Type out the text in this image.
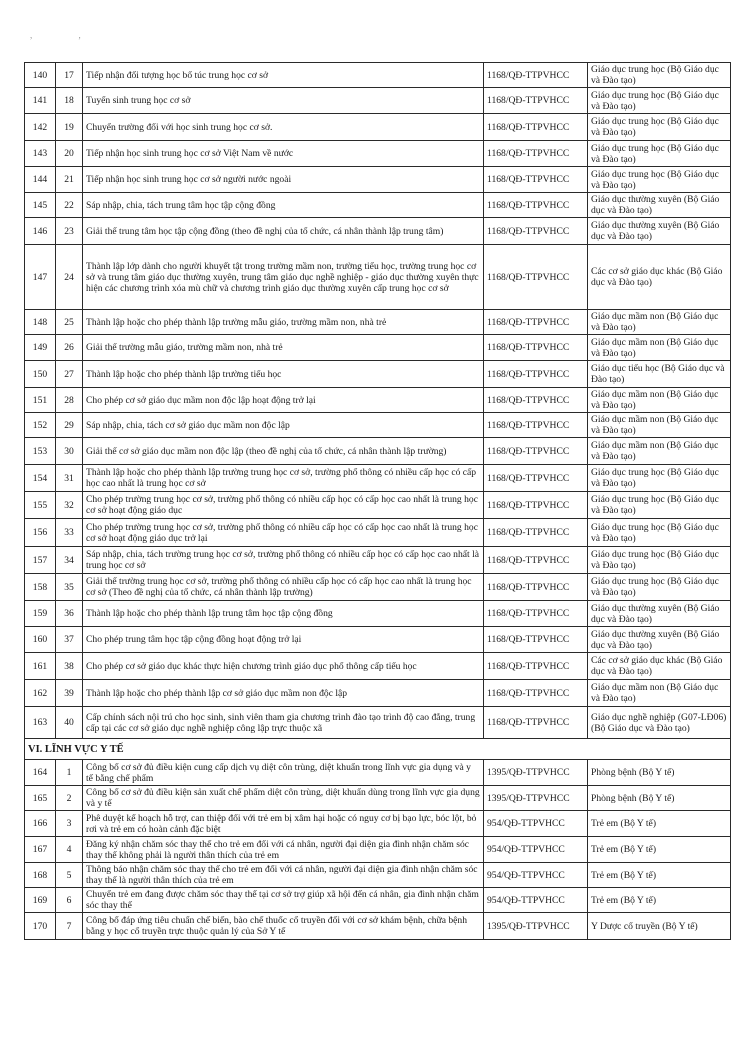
, ,
140	17	Tiếp nhận đối tượng học bổ túc trung học cơ sở	1168/QĐ-TTPVHCC	Giáo dục trung học (Bộ Giáo dục và Đào tạo)
141	18	Tuyển sinh trung học cơ sở	1168/QĐ-TTPVHCC	Giáo dục trung học (Bộ Giáo dục và Đào tạo)
142	19	Chuyển trường đối với học sinh trung học cơ sở.	1168/QĐ-TTPVHCC	Giáo dục trung học (Bộ Giáo dục và Đào tạo)
143	20	Tiếp nhận học sinh trung học cơ sở Việt Nam về nước	1168/QĐ-TTPVHCC	Giáo dục trung học (Bộ Giáo dục và Đào tạo)
144	21	Tiếp nhận học sinh trung học cơ sở người nước ngoài	1168/QĐ-TTPVHCC	Giáo dục trung học (Bộ Giáo dục và Đào tạo)
145	22	Sáp nhập, chia, tách trung tâm học tập cộng đồng	1168/QĐ-TTPVHCC	Giáo dục thường xuyên (Bộ Giáo dục và Đào tạo)
146	23	Giải thể trung tâm học tập cộng đồng (theo đề nghị của tổ chức, cá nhân thành lập trung tâm)	1168/QĐ-TTPVHCC	Giáo dục thường xuyên (Bộ Giáo dục và Đào tạo)
147	24	Thành lập lớp dành cho người khuyết tật trong trường mầm non, trường tiểu học, trường trung học cơ sở và trung tâm giáo dục thường xuyên, trung tâm giáo dục nghề nghiệp - giáo dục thường xuyên thực hiện các chương trình xóa mù chữ và chương trình giáo dục thường xuyên cấp trung học cơ sở	1168/QĐ-TTPVHCC	Các cơ sở giáo dục khác (Bộ Giáo dục và Đào tạo)
148	25	Thành lập hoặc cho phép thành lập trường mẫu giáo, trường mầm non, nhà trẻ	1168/QĐ-TTPVHCC	Giáo dục mầm non (Bộ Giáo dục và Đào tạo)
149	26	Giải thể trường mẫu giáo, trường mầm non, nhà trẻ	1168/QĐ-TTPVHCC	Giáo dục mầm non (Bộ Giáo dục và Đào tạo)
150	27	Thành lập hoặc cho phép thành lập trường tiểu học	1168/QĐ-TTPVHCC	Giáo dục tiểu học (Bộ Giáo dục và Đào tạo)
151	28	Cho phép cơ sở giáo dục mầm non độc lập hoạt động trở lại	1168/QĐ-TTPVHCC	Giáo dục mầm non (Bộ Giáo dục và Đào tạo)
152	29	Sáp nhập, chia, tách cơ sở giáo dục mầm non độc lập	1168/QĐ-TTPVHCC	Giáo dục mầm non (Bộ Giáo dục và Đào tạo)
153	30	Giải thể cơ sở giáo dục mầm non độc lập (theo đề nghị của tổ chức, cá nhân thành lập trường)	1168/QĐ-TTPVHCC	Giáo dục mầm non (Bộ Giáo dục và Đào tạo)
154	31	Thành lập hoặc cho phép thành lập trường trung học cơ sở, trường phổ thông có nhiều cấp học có cấp học cao nhất là trung học cơ sở	1168/QĐ-TTPVHCC	Giáo dục trung học (Bộ Giáo dục và Đào tạo)
155	32	Cho phép trường trung học cơ sở, trường phổ thông có nhiều cấp học có cấp học cao nhất là trung học cơ sở hoạt động giáo dục	1168/QĐ-TTPVHCC	Giáo dục trung học (Bộ Giáo dục và Đào tạo)
156	33	Cho phép trường trung học cơ sở, trường phổ thông có nhiều cấp học có cấp học cao nhất là trung học cơ sở hoạt động giáo dục trở lại	1168/QĐ-TTPVHCC	Giáo dục trung học (Bộ Giáo dục và Đào tạo)
157	34	Sáp nhập, chia, tách trường trung học cơ sở, trường phổ thông có nhiều cấp học có cấp học cao nhất là trung học cơ sở	1168/QĐ-TTPVHCC	Giáo dục trung học (Bộ Giáo dục và Đào tạo)
158	35	Giải thể trường trung học cơ sở, trường phổ thông có nhiều cấp học có cấp học cao nhất là trung học cơ sở (Theo đề nghị của tổ chức, cá nhân thành lập trường)	1168/QĐ-TTPVHCC	Giáo dục trung học (Bộ Giáo dục và Đào tạo)
159	36	Thành lập hoặc cho phép thành lập trung tâm học tập cộng đồng	1168/QĐ-TTPVHCC	Giáo dục thường xuyên (Bộ Giáo dục và Đào tạo)
160	37	Cho phép trung tâm học tập cộng đồng hoạt động trở lại	1168/QĐ-TTPVHCC	Giáo dục thường xuyên (Bộ Giáo dục và Đào tạo)
161	38	Cho phép cơ sở giáo dục khác thực hiện chương trình giáo dục phổ thông cấp tiểu học	1168/QĐ-TTPVHCC	Các cơ sở giáo dục khác (Bộ Giáo dục và Đào tạo)
162	39	Thành lập hoặc cho phép thành lập cơ sở giáo dục mầm non độc lập	1168/QĐ-TTPVHCC	Giáo dục mầm non (Bộ Giáo dục và Đào tạo)
163	40	Cấp chính sách nội trú cho học sinh, sinh viên tham gia chương trình đào tạo trình độ cao đẳng, trung cấp tại các cơ sở giáo dục nghề nghiệp công lập trực thuộc xã	1168/QĐ-TTPVHCC	Giáo dục nghề nghiệp (G07-LĐ06) (Bộ Giáo dục và Đào tạo)
VI. LĨNH VỰC Y TẾ				
164	1	Công bố cơ sở đủ điều kiện cung cấp dịch vụ diệt côn trùng, diệt khuẩn trong lĩnh vực gia dụng và y tế bằng chế phẩm	1395/QĐ-TTPVHCC	Phòng bệnh (Bộ Y tế)
165	2	Công bố cơ sở đủ điều kiện sản xuất chế phẩm diệt côn trùng, diệt khuẩn dùng trong lĩnh vực gia dụng và y tế	1395/QĐ-TTPVHCC	Phòng bệnh (Bộ Y tế)
166	3	Phê duyệt kế hoạch hỗ trợ, can thiệp đối với trẻ em bị xâm hại hoặc có nguy cơ bị bạo lực, bóc lột, bỏ rơi và trẻ em có hoàn cảnh đặc biệt	954/QĐ-TTPVHCC	Trẻ em (Bộ Y tế)
167	4	Đăng ký nhận chăm sóc thay thế cho trẻ em đối với cá nhân, người đại diện gia đình nhận chăm sóc thay thế không phải là người thân thích của trẻ em	954/QĐ-TTPVHCC	Trẻ em (Bộ Y tế)
168	5	Thông báo nhận chăm sóc thay thế cho trẻ em đối với cá nhân, người đại diện gia đình nhận chăm sóc thay thế là người thân thích của trẻ em	954/QĐ-TTPVHCC	Trẻ em (Bộ Y tế)
169	6	Chuyển trẻ em đang được chăm sóc thay thế tại cơ sở trợ giúp xã hội đến cá nhân, gia đình nhận chăm sóc thay thế	954/QĐ-TTPVHCC	Trẻ em (Bộ Y tế)
170	7	Công bố đáp ứng tiêu chuẩn chế biến, bào chế thuốc cổ truyền đối với cơ sở khám bệnh, chữa bệnh bằng y học cổ truyền trực thuộc quản lý của Sở Y tế	1395/QĐ-TTPVHCC	Y Dược cổ truyền (Bộ Y tế)
